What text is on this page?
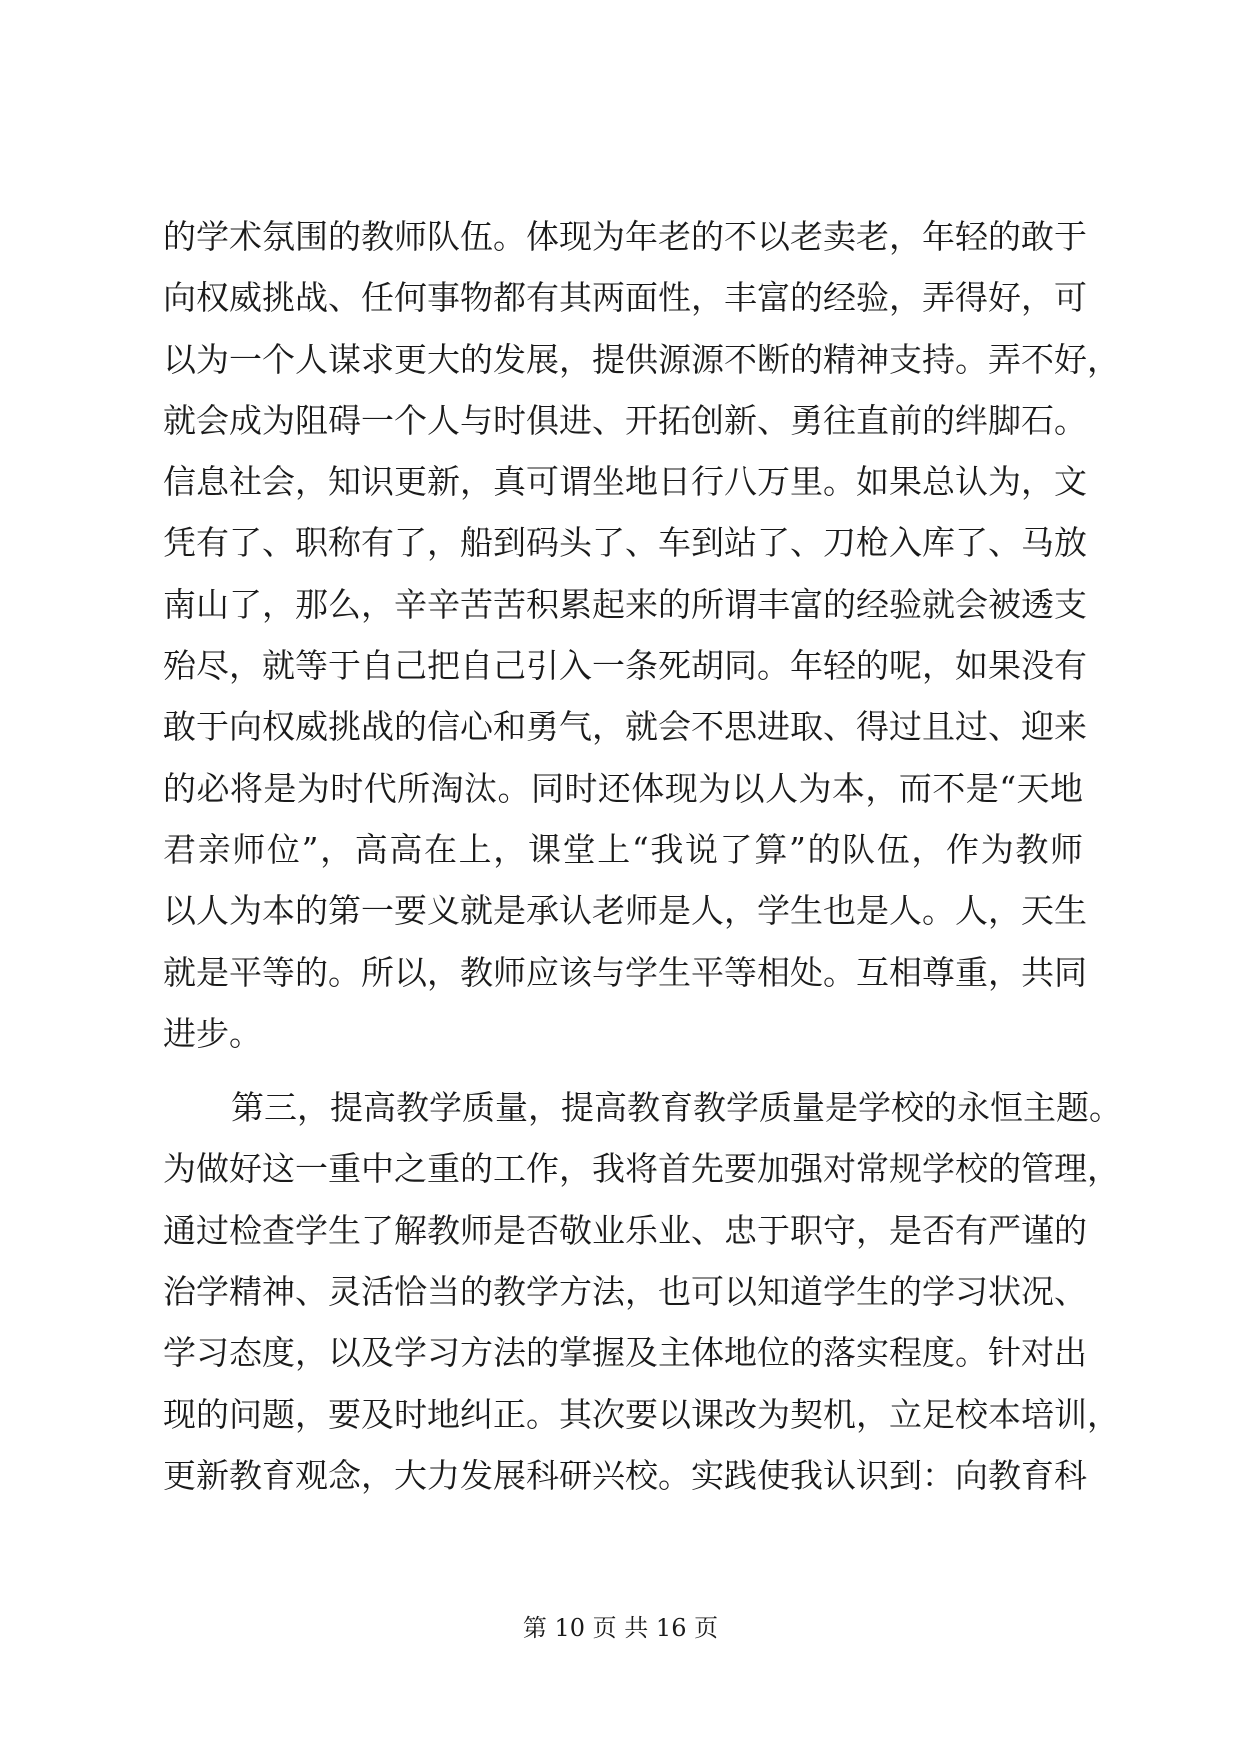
的学术氛围的教师队伍。体现为年老的不以老卖老，年轻的敢于
向权威挑战、任何事物都有其两面性，丰富的经验，弄得好，可
以为一个人谋求更大的发展，提供源源不断的精神支持。弄不好，
就会成为阻碍一个人与时俱进、开拓创新、勇往直前的绊脚石。
信息社会，知识更新，真可谓坐地日行八万里。如果总认为，文
凭有了、职称有了，船到码头了、车到站了、刀枪入库了、马放
南山了，那么，辛辛苦苦积累起来的所谓丰富的经验就会被透支
殆尽，就等于自己把自己引入一条死胡同。年轻的呢，如果没有
敢于向权威挑战的信心和勇气，就会不思进取、得过且过、迎来
的必将是为时代所淘汰。同时还体现为以人为本，而不是“天地
君亲师位”，高高在上，课堂上“我说了算”的队伍，作为教师
以人为本的第一要义就是承认老师是人，学生也是人。人，天生
就是平等的。所以，教师应该与学生平等相处。互相尊重，共同
进步。
第三，提高教学质量，提高教育教学质量是学校的永恒主题。
为做好这一重中之重的工作，我将首先要加强对常规学校的管理，
通过检查学生了解教师是否敬业乐业、忠于职守，是否有严谨的
治学精神、灵活恰当的教学方法，也可以知道学生的学习状况、
学习态度，以及学习方法的掌握及主体地位的落实程度。针对出
现的问题，要及时地纠正。其次要以课改为契机，立足校本培训，
更新教育观念，大力发展科研兴校。实践使我认识到：向教育科
第 10 页 共 16 页
